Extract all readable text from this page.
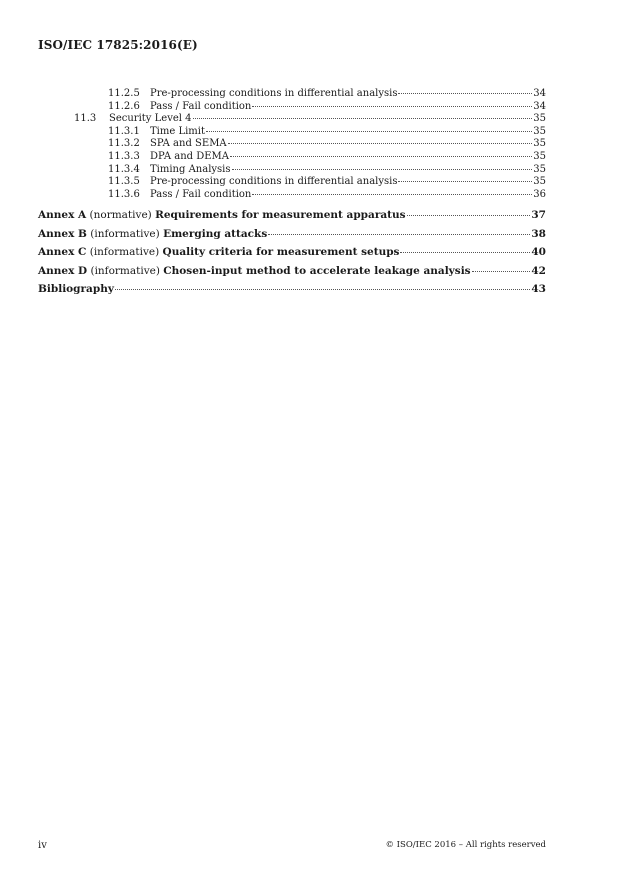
ISO/IEC 17825:2016(E)
11.2.5	Pre-processing conditions in differential analysis	34
11.2.6	Pass / Fail condition	34
11.3	Security Level 4	35
11.3.1	Time Limit	35
11.3.2	SPA and SEMA	35
11.3.3	DPA and DEMA	35
11.3.4	Timing Analysis	35
11.3.5	Pre-processing conditions in differential analysis	35
11.3.6	Pass / Fail condition	36
Annex A (normative) Requirements for measurement apparatus	37
Annex B (informative) Emerging attacks	38
Annex C (informative) Quality criteria for measurement setups	40
Annex D (informative) Chosen-input method to accelerate leakage analysis	42
Bibliography	43
iv	© ISO/IEC 2016 – All rights reserved
